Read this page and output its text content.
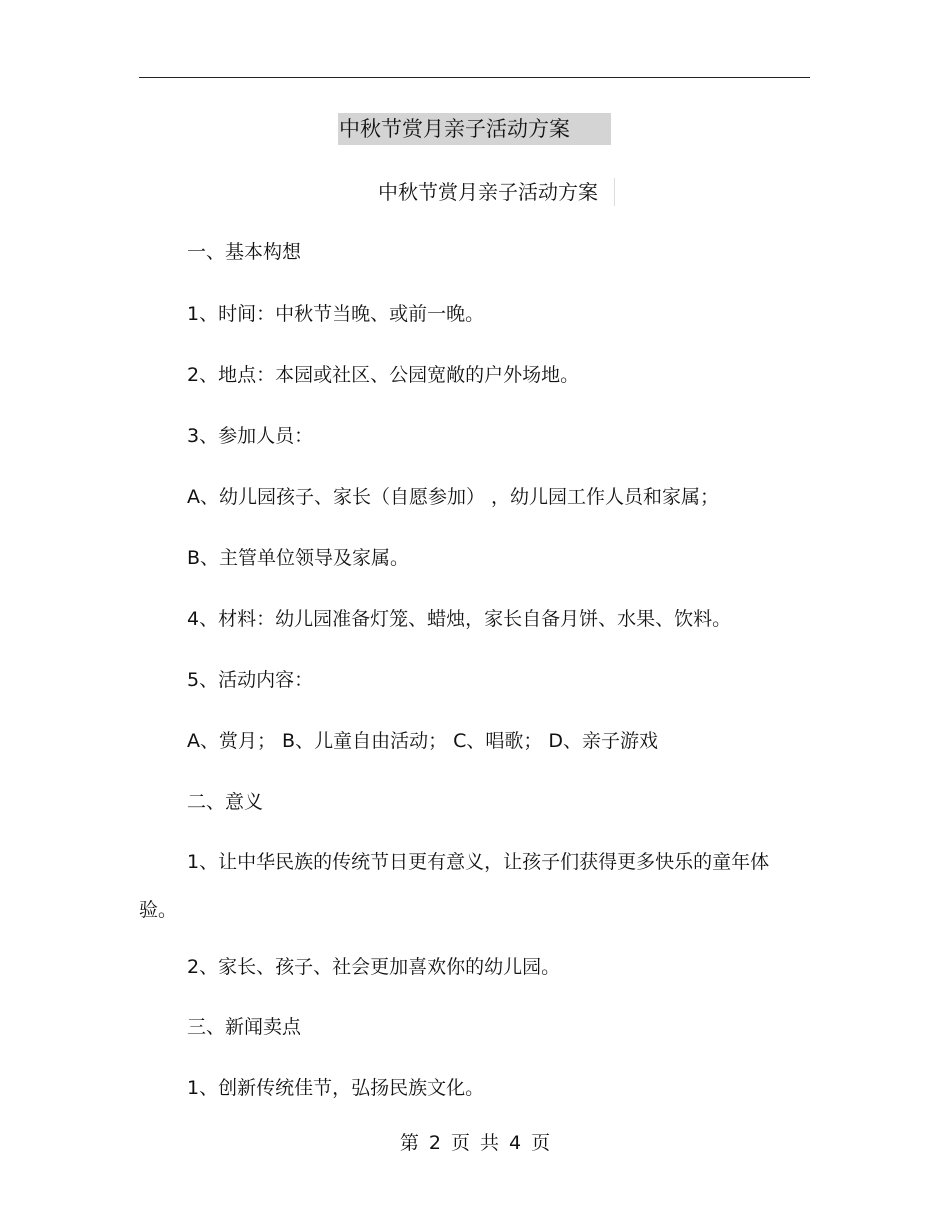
中秋节赏月亲子活动方案
中秋节赏月亲子活动方案
一、基本构想
1、时间：中秋节当晚、或前一晚。
2、地点：本园或社区、公园宽敞的户外场地。
3、参加人员：
A、幼儿园孩子、家长（自愿参加） ，幼儿园工作人员和家属；
B、主管单位领导及家属。
4、材料：幼儿园准备灯笼、蜡烛，家长自备月饼、水果、饮料。
5、活动内容：
A、赏月； B、儿童自由活动； C、唱歌； D、亲子游戏
二、意义
1、让中华民族的传统节日更有意义，让孩子们获得更多快乐的童年体验。
2、家长、孩子、社会更加喜欢你的幼儿园。
三、新闻卖点
1、创新传统佳节，弘扬民族文化。
第 2 页 共 4 页
